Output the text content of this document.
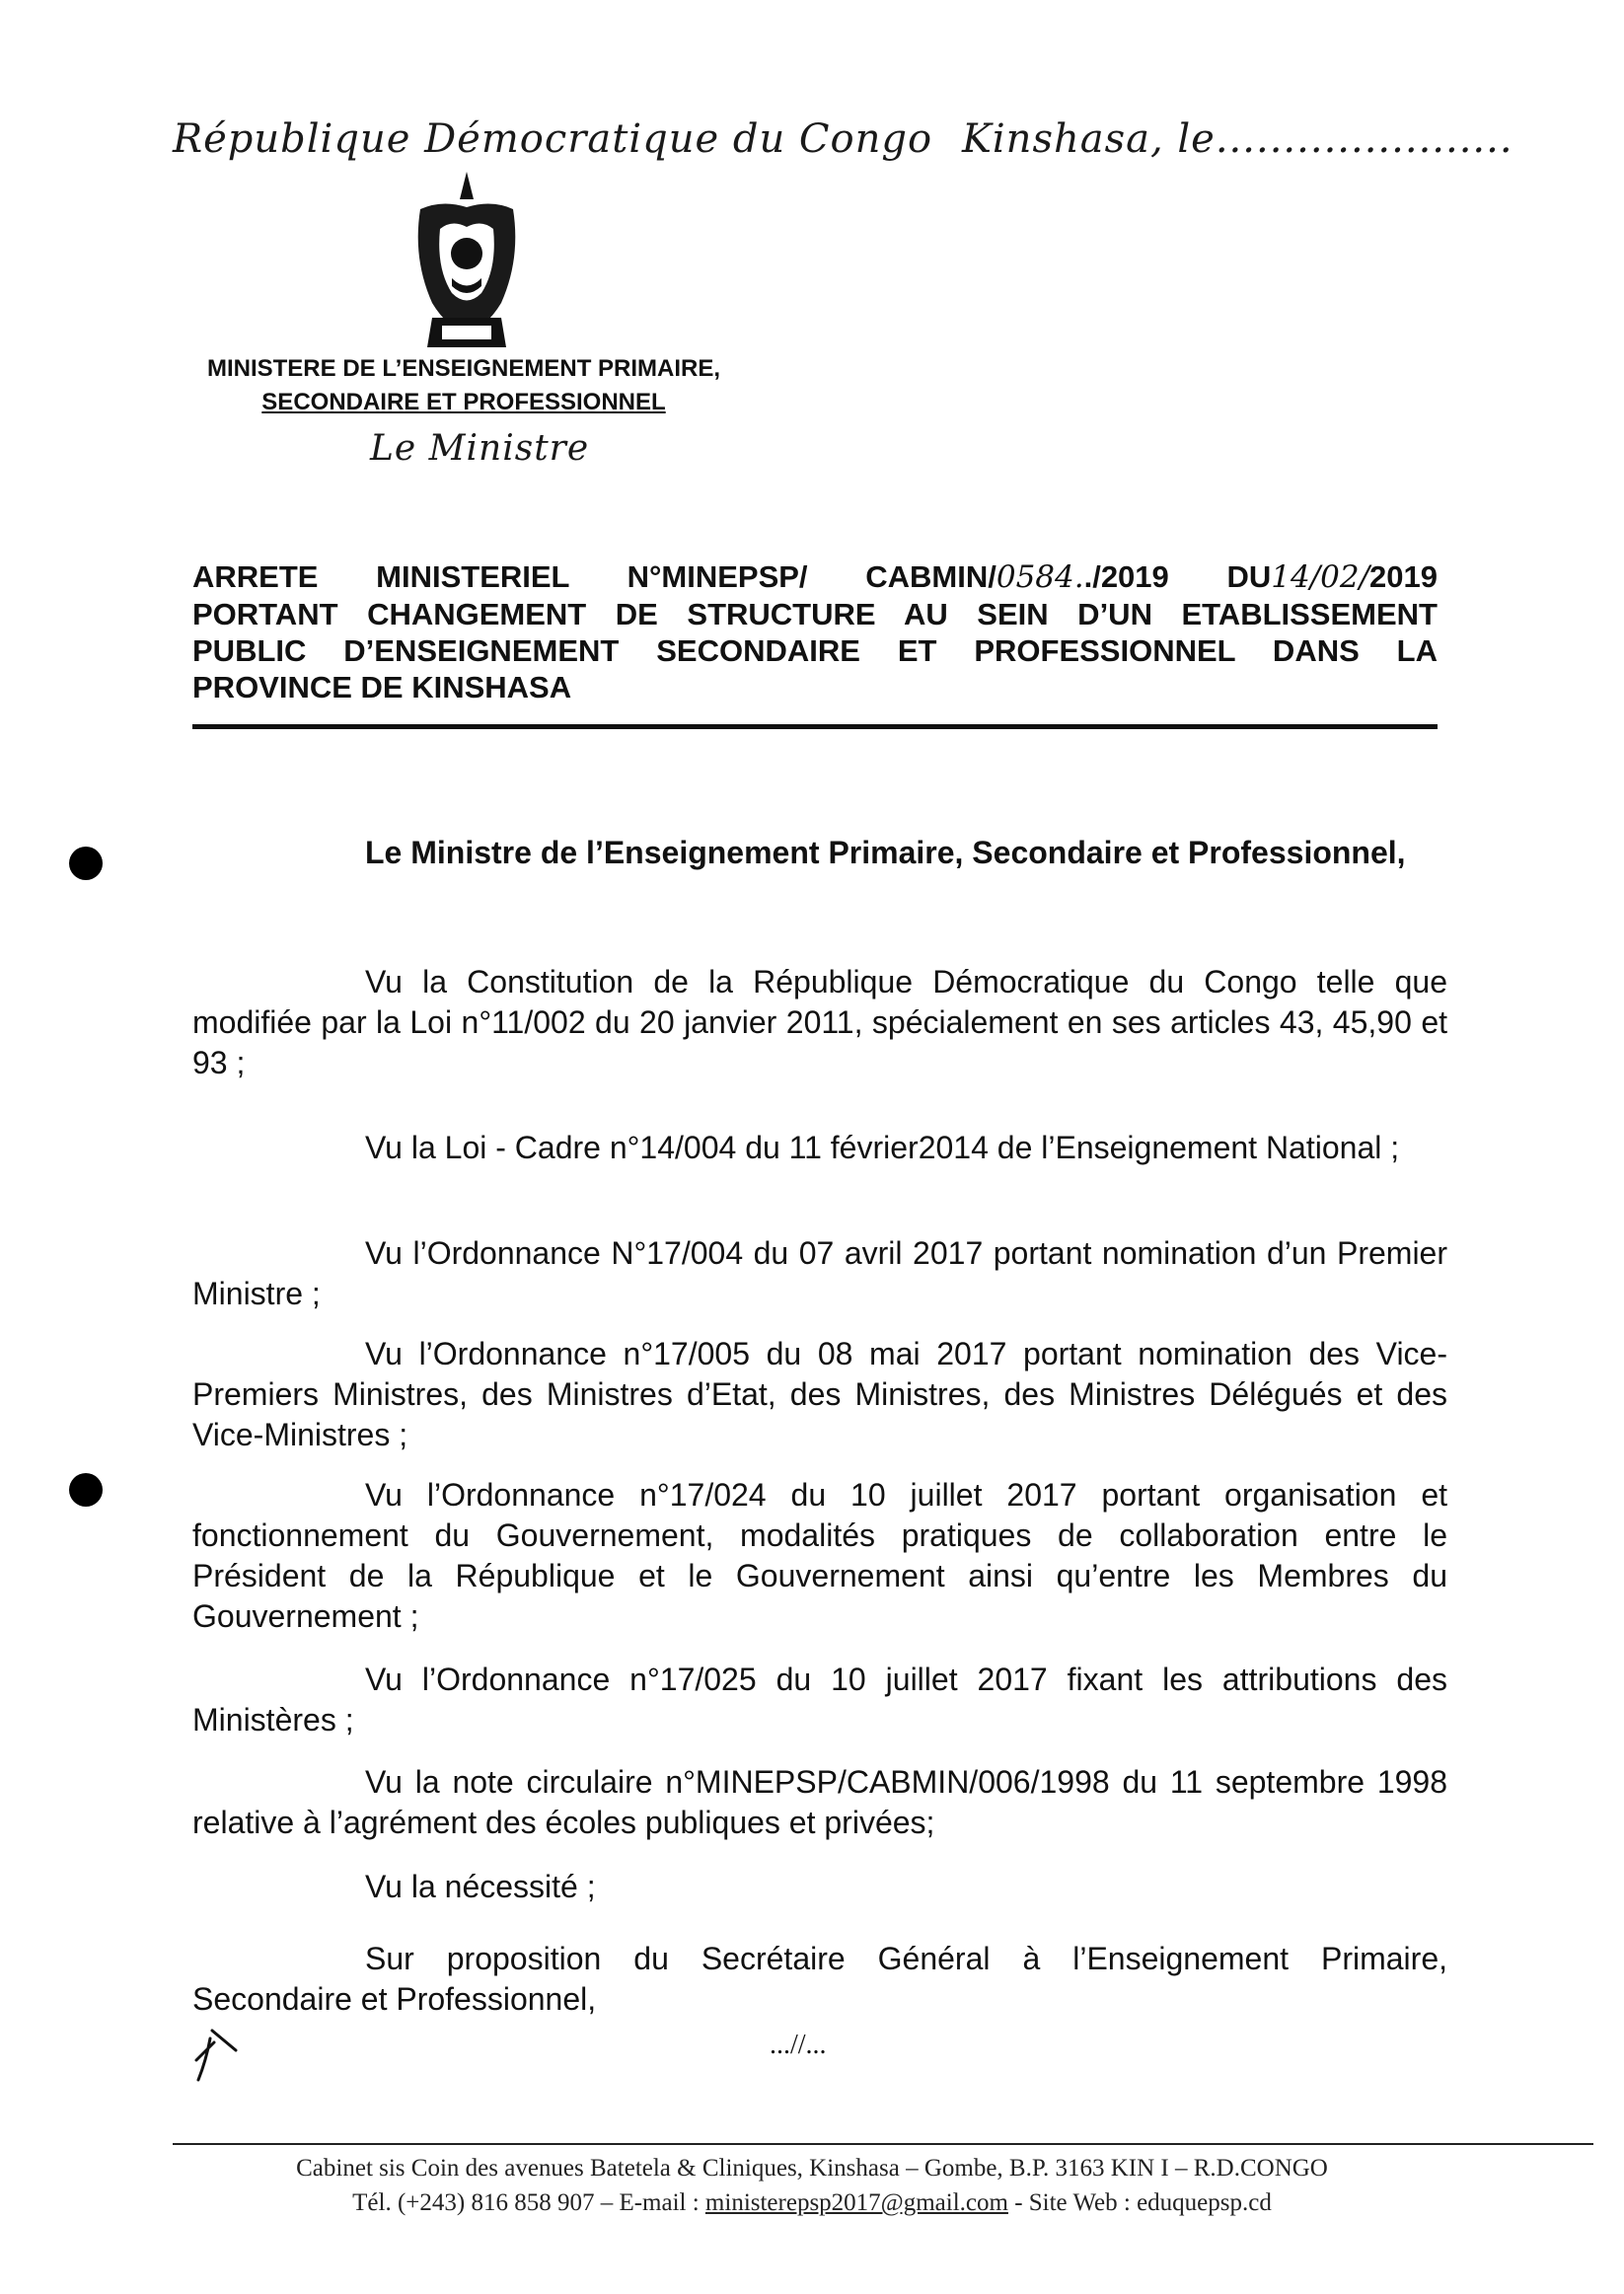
République Démocratique du Congo Kinshasa, le......................
MINISTERE DE L’ENSEIGNEMENT PRIMAIRE,
SECONDAIRE ET PROFESSIONNEL
Le Ministre
ARRETE MINISTERIEL N°MINEPSP/ CABMIN/0584../2019 DU14/02/2019
PORTANT CHANGEMENT DE STRUCTURE AU SEIN D’UN ETABLISSEMENT
PUBLIC D’ENSEIGNEMENT SECONDAIRE ET PROFESSIONNEL DANS LA
PROVINCE DE KINSHASA

Le Ministre de l’Enseignement Primaire, Secondaire et Professionnel,

Vu la Constitution de la République Démocratique du Congo telle que modifiée par la Loi n°11/002 du 20 janvier 2011, spécialement en ses articles 43, 45,90 et 93 ;

Vu la Loi - Cadre n°14/004 du 11 février2014 de l’Enseignement National ;

Vu l’Ordonnance N°17/004 du 07 avril 2017 portant nomination d’un Premier Ministre ;

Vu l’Ordonnance n°17/005 du 08 mai 2017 portant nomination des Vice-Premiers Ministres, des Ministres d’Etat, des Ministres, des Ministres Délégués et des Vice-Ministres ;

Vu l’Ordonnance n°17/024 du 10 juillet 2017 portant organisation et fonctionnement du Gouvernement, modalités pratiques de collaboration entre le Président de la République et le Gouvernement ainsi qu’entre les Membres du Gouvernement ;

Vu l’Ordonnance n°17/025 du 10 juillet 2017 fixant les attributions des Ministères ;

Vu la note circulaire n°MINEPSP/CABMIN/006/1998 du 11 septembre 1998 relative à l’agrément des écoles publiques et privées;

Vu la nécessité ;

Sur proposition du Secrétaire Général à l’Enseignement Primaire, Secondaire et Professionnel,

...//...
Cabinet sis Coin des avenues Batetela & Cliniques, Kinshasa – Gombe, B.P. 3163 KIN I – R.D.CONGO
Tél. (+243) 816 858 907 – E-mail : ministerepsp2017@gmail.com - Site Web : eduquepsp.cd
